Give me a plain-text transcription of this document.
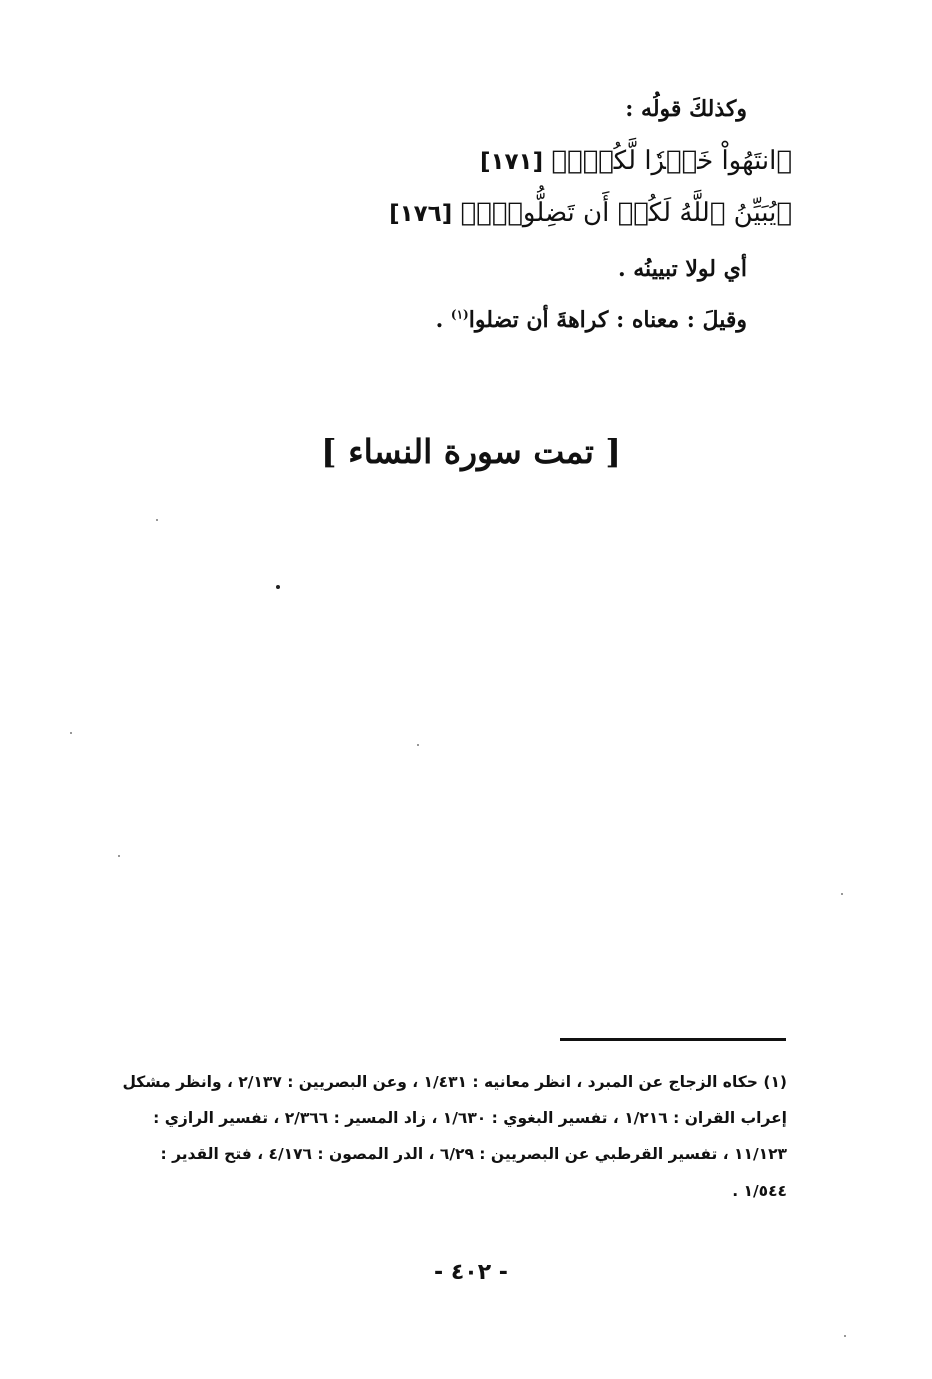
وكذلكَ قولُه :
﴿انتَهُواْ خَيۡرٗا لَّكُمۡۚ﴾ [١٧١]
﴿يُبَيِّنُ ٱللَّهُ لَكُمۡ أَن تَضِلُّواْۗ﴾ [١٧٦]
أي لولا تبيينُه .
وقيلَ : معناه : كراهةَ أن تضلوا$^{(١)}$ .
[ تمت سورة النساء ]
(١) حكاه الزجاج عن المبرد ، انظر معانيه : ١/٤٣١ ، وعن البصريين : ٢/١٣٧ ، وانظر مشكل
إعراب القران : ١/٢١٦ ، تفسير البغوي : ١/٦٣٠ ، زاد المسير : ٢/٣٦٦ ، تفسير الرازي :
١١/١٢٣ ، تفسير القرطبي عن البصريين : ٦/٢٩ ، الدر المصون : ٤/١٧٦ ، فتح القدير :
١/٥٤٤ .
- ٤٠٢ -
